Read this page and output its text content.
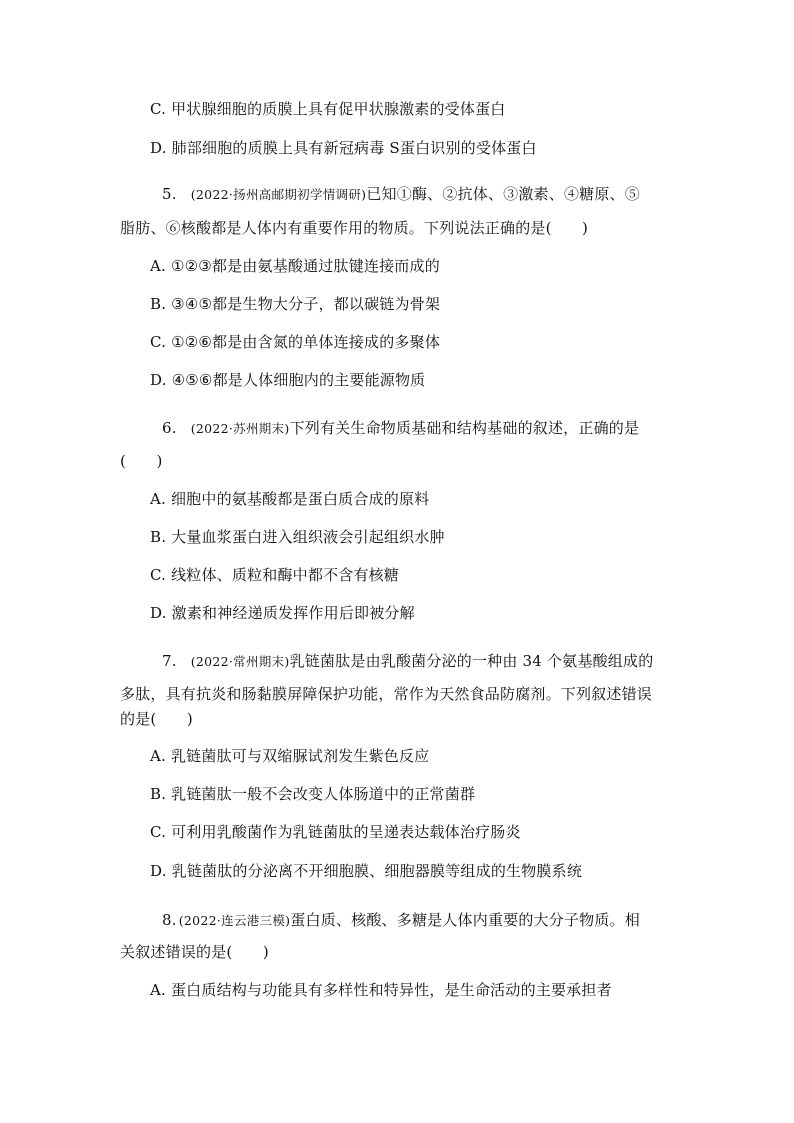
C. 甲状腺细胞的质膜上具有促甲状腺激素的受体蛋白
D. 肺部细胞的质膜上具有新冠病毒 S蛋白识别的受体蛋白
5. (2022·扬州高邮期初学情调研)已知①酶、②抗体、③激素、④糖原、⑤
脂肪、⑥核酸都是人体内有重要作用的物质。下列说法正确的是(　　)
A. ①②③都是由氨基酸通过肽键连接而成的
B. ③④⑤都是生物大分子，都以碳链为骨架
C. ①②⑥都是由含氮的单体连接成的多聚体
D. ④⑤⑥都是人体细胞内的主要能源物质
6. (2022·苏州期末)下列有关生命物质基础和结构基础的叙述，正确的是
(　　)
A. 细胞中的氨基酸都是蛋白质合成的原料
B. 大量血浆蛋白进入组织液会引起组织水肿
C. 线粒体、质粒和酶中都不含有核糖
D. 激素和神经递质发挥作用后即被分解
7. (2022·常州期末)乳链菌肽是由乳酸菌分泌的一种由 34 个氨基酸组成的
多肽，具有抗炎和肠黏膜屏障保护功能，常作为天然食品防腐剂。下列叙述错误
的是(　　)
A. 乳链菌肽可与双缩脲试剂发生紫色反应
B. 乳链菌肽一般不会改变人体肠道中的正常菌群
C. 可利用乳酸菌作为乳链菌肽的呈递表达载体治疗肠炎
D. 乳链菌肽的分泌离不开细胞膜、细胞器膜等组成的生物膜系统
8. (2022·连云港三模)蛋白质、核酸、多糖是人体内重要的大分子物质。相
关叙述错误的是(　　)
A. 蛋白质结构与功能具有多样性和特异性，是生命活动的主要承担者
